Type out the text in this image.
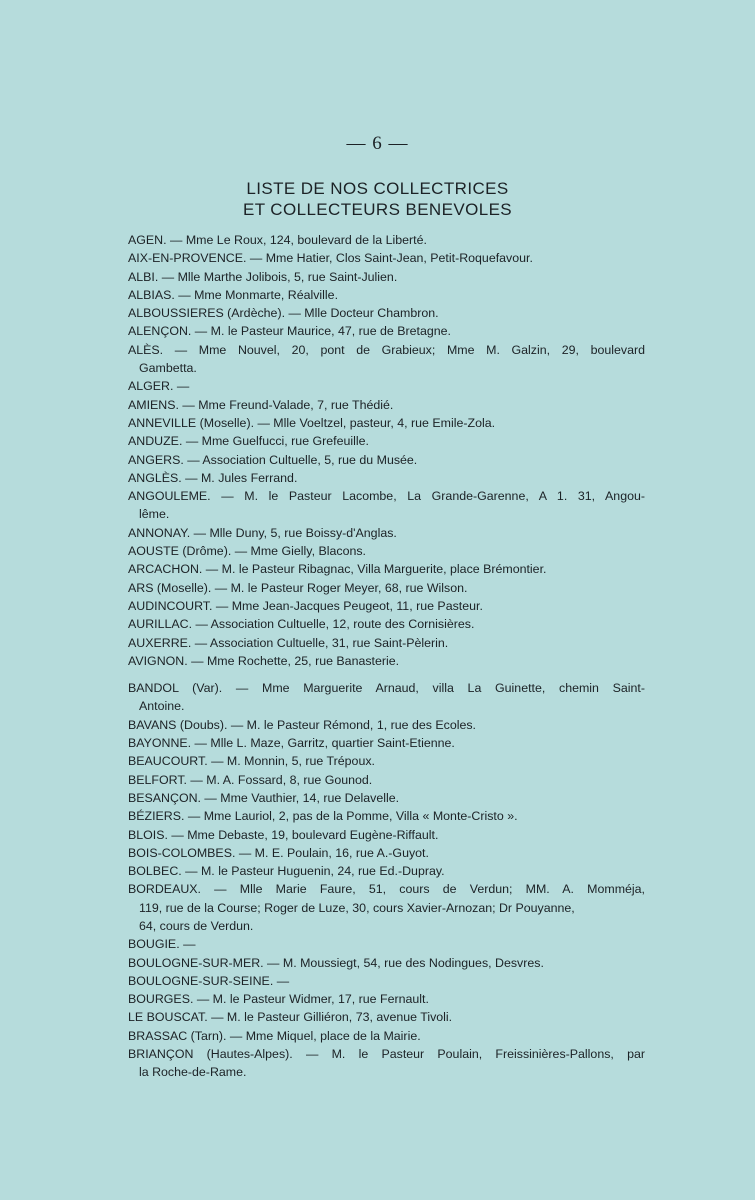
— 6 —
LISTE DE NOS COLLECTRICES
ET COLLECTEURS BENEVOLES
AGEN. — Mme Le Roux, 124, boulevard de la Liberté.
AIX-EN-PROVENCE. — Mme Hatier, Clos Saint-Jean, Petit-Roquefavour.
ALBI. — Mlle Marthe Jolibois, 5, rue Saint-Julien.
ALBIAS. — Mme Monmarte, Réalville.
ALBOUSSIERES (Ardèche). — Mlle Docteur Chambron.
ALENÇON. — M. le Pasteur Maurice, 47, rue de Bretagne.
ALÈS. — Mme Nouvel, 20, pont de Grabieux; Mme M. Galzin, 29, boulevard
Gambetta.
ALGER. —
AMIENS. — Mme Freund-Valade, 7, rue Thédié.
ANNEVILLE (Moselle). — Mlle Voeltzel, pasteur, 4, rue Emile-Zola.
ANDUZE. — Mme Guelfucci, rue Grefeuille.
ANGERS. — Association Cultuelle, 5, rue du Musée.
ANGLÈS. — M. Jules Ferrand.
ANGOULEME. — M. le Pasteur Lacombe, La Grande-Garenne, A 1. 31, Angou-
lême.
ANNONAY. — Mlle Duny, 5, rue Boissy-d'Anglas.
AOUSTE (Drôme). — Mme Gielly, Blacons.
ARCACHON. — M. le Pasteur Ribagnac, Villa Marguerite, place Brémontier.
ARS (Moselle). — M. le Pasteur Roger Meyer, 68, rue Wilson.
AUDINCOURT. — Mme Jean-Jacques Peugeot, 11, rue Pasteur.
AURILLAC. — Association Cultuelle, 12, route des Cornisières.
AUXERRE. — Association Cultuelle, 31, rue Saint-Pèlerin.
AVIGNON. — Mme Rochette, 25, rue Banasterie.
BANDOL (Var). — Mme Marguerite Arnaud, villa La Guinette, chemin Saint-
Antoine.
BAVANS (Doubs). — M. le Pasteur Rémond, 1, rue des Ecoles.
BAYONNE. — Mlle L. Maze, Garritz, quartier Saint-Etienne.
BEAUCOURT. — M. Monnin, 5, rue Trépoux.
BELFORT. — M. A. Fossard, 8, rue Gounod.
BESANÇON. — Mme Vauthier, 14, rue Delavelle.
BÉZIERS. — Mme Lauriol, 2, pas de la Pomme, Villa « Monte-Cristo ».
BLOIS. — Mme Debaste, 19, boulevard Eugène-Riffault.
BOIS-COLOMBES. — M. E. Poulain, 16, rue A.-Guyot.
BOLBEC. — M. le Pasteur Huguenin, 24, rue Ed.-Dupray.
BORDEAUX. — Mlle Marie Faure, 51, cours de Verdun; MM. A. Momméja,
119, rue de la Course; Roger de Luze, 30, cours Xavier-Arnozan; Dr Pouyanne,
64, cours de Verdun.
BOUGIE. —
BOULOGNE-SUR-MER. — M. Moussiegt, 54, rue des Nodingues, Desvres.
BOULOGNE-SUR-SEINE. —
BOURGES. — M. le Pasteur Widmer, 17, rue Fernault.
LE BOUSCAT. — M. le Pasteur Gilliéron, 73, avenue Tivoli.
BRASSAC (Tarn). — Mme Miquel, place de la Mairie.
BRIANÇON (Hautes-Alpes). — M. le Pasteur Poulain, Freissinières-Pallons, par
la Roche-de-Rame.
